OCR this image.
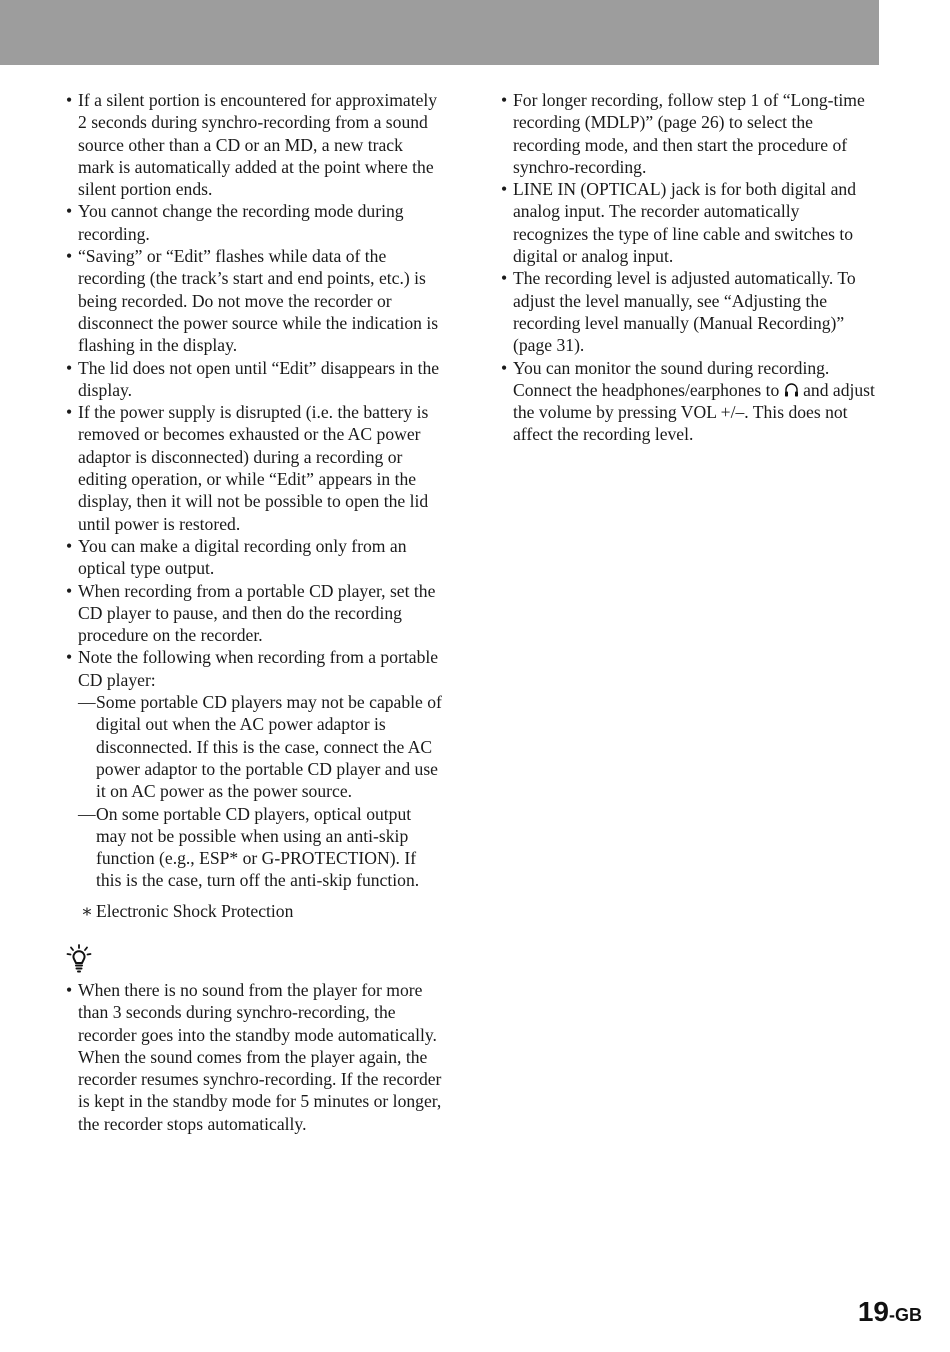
• If a silent portion is encountered for approximately 2 seconds during synchro-recording from a sound source other than a CD or an MD, a new track mark is automatically added at the point where the silent portion ends.
• You cannot change the recording mode during recording.
• “Saving” or “Edit” flashes while data of the recording (the track’s start and end points, etc.) is being recorded. Do not move the recorder or disconnect the power source while the indication is flashing in the display.
• The lid does not open until “Edit” disappears in the display.
• If the power supply is disrupted (i.e. the battery is removed or becomes exhausted or the AC power adaptor is disconnected) during a recording or editing operation, or while “Edit” appears in the display, then it will not be possible to open the lid until power is restored.
• You can make a digital recording only from an optical type output.
• When recording from a portable CD player, set the CD player to pause, and then do the recording procedure on the recorder.
• Note the following when recording from a portable CD player:
— Some portable CD players may not be capable of digital out when the AC power adaptor is disconnected. If this is the case, connect the AC power adaptor to the portable CD player and use it on AC power as the power source.
— On some portable CD players, optical output may not be possible when using an anti-skip function (e.g., ESP* or G-PROTECTION). If this is the case, turn off the anti-skip function.
∗ Electronic Shock Protection
• When there is no sound from the player for more than 3 seconds during synchro-recording, the recorder goes into the standby mode automatically. When the sound comes from the player again, the recorder resumes synchro-recording. If the recorder is kept in the standby mode for 5 minutes or longer, the recorder stops automatically.
• For longer recording, follow step 1 of “Long-time recording (MDLP)” (page 26) to select the recording mode, and then start the procedure of synchro-recording.
• LINE IN (OPTICAL) jack is for both digital and analog input. The recorder automatically recognizes the type of line cable and switches to digital or analog input.
• The recording level is adjusted automatically. To adjust the level manually, see “Adjusting the recording level manually (Manual Recording)” (page 31).
• You can monitor the sound during recording. Connect the headphones/earphones to and adjust the volume by pressing VOL +/–. This does not affect the recording level.
19-GB
